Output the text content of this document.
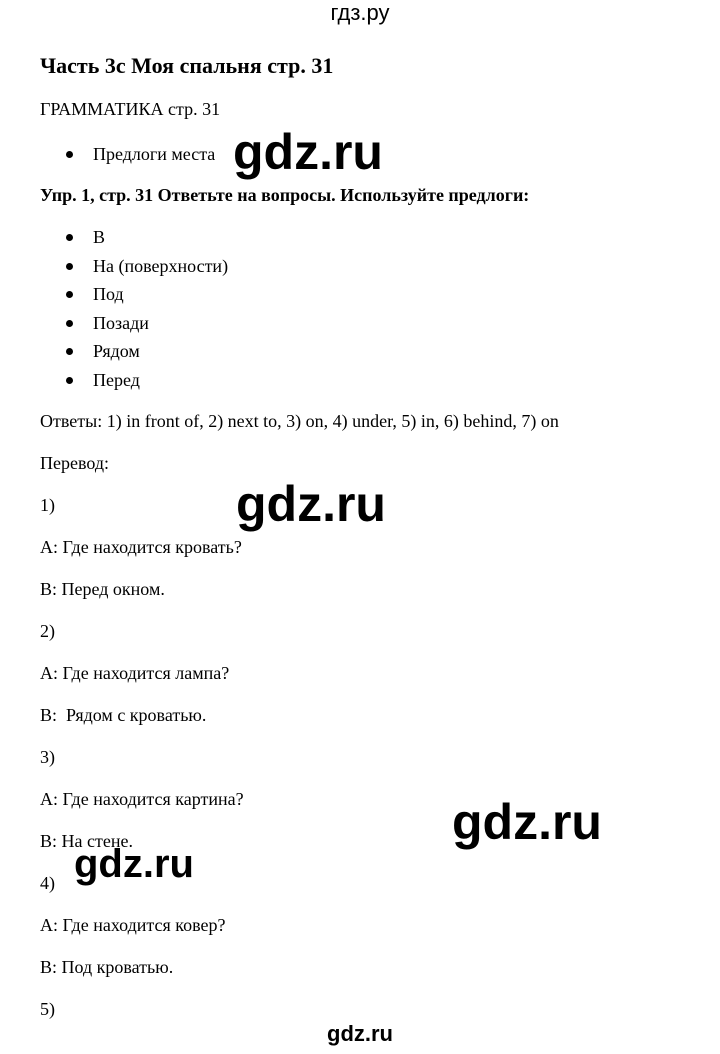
гдз.ру
Часть 3c Моя спальня стр. 31
ГРАММАТИКА стр. 31
Предлоги места
Упр. 1, стр. 31 Ответьте на вопросы. Используйте предлоги:
В
На (поверхности)
Под
Позади
Рядом
Перед
Ответы: 1) in front of, 2) next to, 3) on, 4) under, 5) in, 6) behind, 7) on
Перевод:
1)
A: Где находится кровать?
B: Перед окном.
2)
A: Где находится лампа?
B:  Рядом с кроватью.
3)
A: Где находится картина?
B: На стене.
4)
A: Где находится ковер?
B: Под кроватью.
5)
gdz.ru
gdz.ru
gdz.ru
gdz.ru
gdz.ru
